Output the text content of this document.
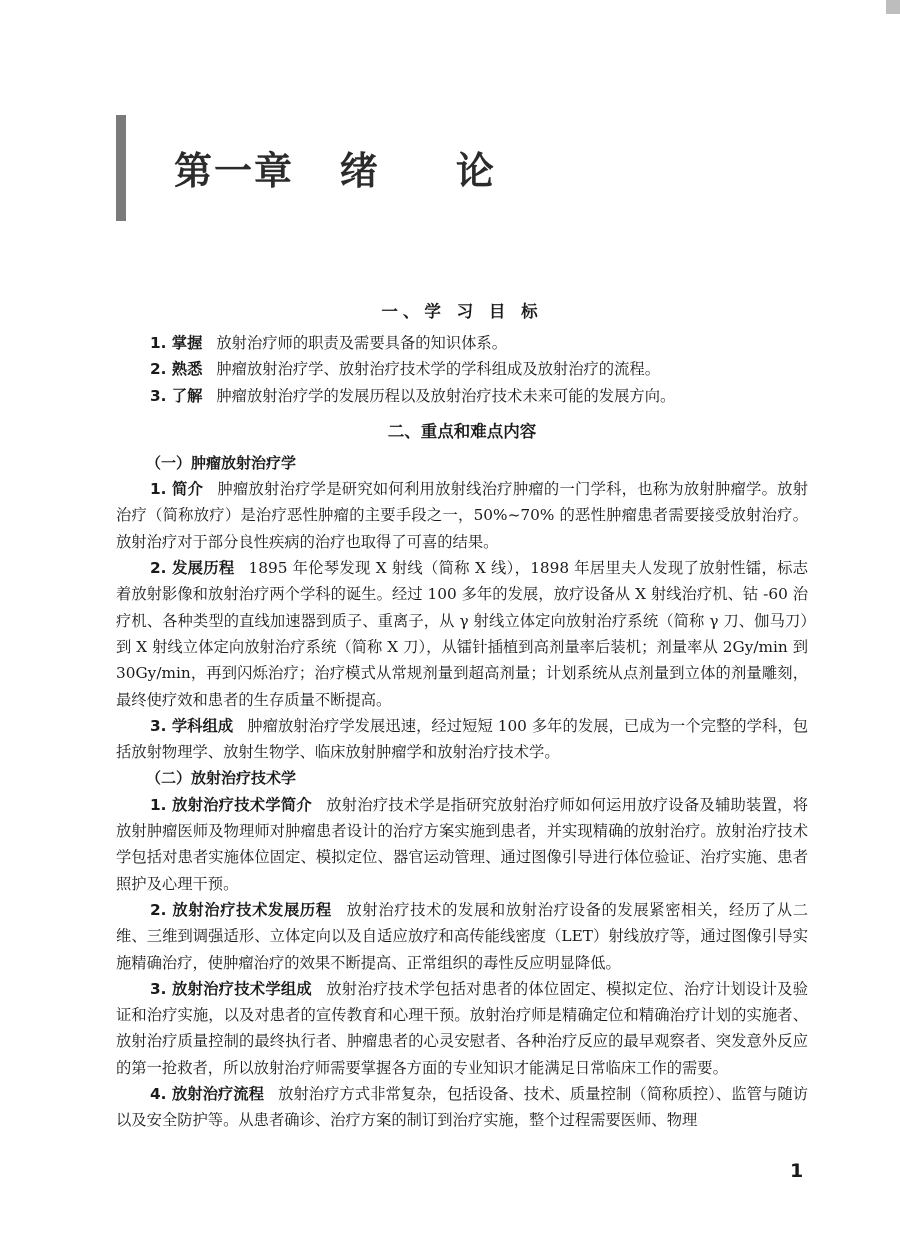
第一章   绪     论
一、学 习 目 标

1. 掌握 放射治疗师的职责及需要具备的知识体系。

2. 熟悉 肿瘤放射治疗学、放射治疗技术学的学科组成及放射治疗的流程。

3. 了解 肿瘤放射治疗学的发展历程以及放射治疗技术未来可能的发展方向。

二、重点和难点内容
（一）肿瘤放射治疗学

1. 简介 肿瘤放射治疗学是研究如何利用放射线治疗肿瘤的一门学科，也称为放射肿瘤学。放射治疗（简称放疗）是治疗恶性肿瘤的主要手段之一，50%~70% 的恶性肿瘤患者需要接受放射治疗。放射治疗对于部分良性疾病的治疗也取得了可喜的结果。

2. 发展历程 1895 年伦琴发现 X 射线（简称 X 线），1898 年居里夫人发现了放射性镭，标志着放射影像和放射治疗两个学科的诞生。经过 100 多年的发展，放疗设备从 X 射线治疗机、钴 -60 治疗机、各种类型的直线加速器到质子、重离子，从 γ 射线立体定向放射治疗系统（简称 γ 刀、伽马刀）到 X 射线立体定向放射治疗系统（简称 X 刀），从镭针插植到高剂量率后装机；剂量率从 2Gy/min 到 30Gy/min，再到闪烁治疗；治疗模式从常规剂量到超高剂量；计划系统从点剂量到立体的剂量雕刻，最终使疗效和患者的生存质量不断提高。

3. 学科组成 肿瘤放射治疗学发展迅速，经过短短 100 多年的发展，已成为一个完整的学科，包括放射物理学、放射生物学、临床放射肿瘤学和放射治疗技术学。

（二）放射治疗技术学

1. 放射治疗技术学简介 放射治疗技术学是指研究放射治疗师如何运用放疗设备及辅助装置，将放射肿瘤医师及物理师对肿瘤患者设计的治疗方案实施到患者，并实现精确的放射治疗。放射治疗技术学包括对患者实施体位固定、模拟定位、器官运动管理、通过图像引导进行体位验证、治疗实施、患者照护及心理干预。

2. 放射治疗技术发展历程 放射治疗技术的发展和放射治疗设备的发展紧密相关，经历了从二维、三维到调强适形、立体定向以及自适应放疗和高传能线密度（LET）射线放疗等，通过图像引导实施精确治疗，使肿瘤治疗的效果不断提高、正常组织的毒性反应明显降低。

3. 放射治疗技术学组成 放射治疗技术学包括对患者的体位固定、模拟定位、治疗计划设计及验证和治疗实施，以及对患者的宣传教育和心理干预。放射治疗师是精确定位和精确治疗计划的实施者、放射治疗质量控制的最终执行者、肿瘤患者的心灵安慰者、各种治疗反应的最早观察者、突发意外反应的第一抢救者，所以放射治疗师需要掌握各方面的专业知识才能满足日常临床工作的需要。

4. 放射治疗流程 放射治疗方式非常复杂，包括设备、技术、质量控制（简称质控）、监管与随访以及安全防护等。从患者确诊、治疗方案的制订到治疗实施，整个过程需要医师、物理

1
